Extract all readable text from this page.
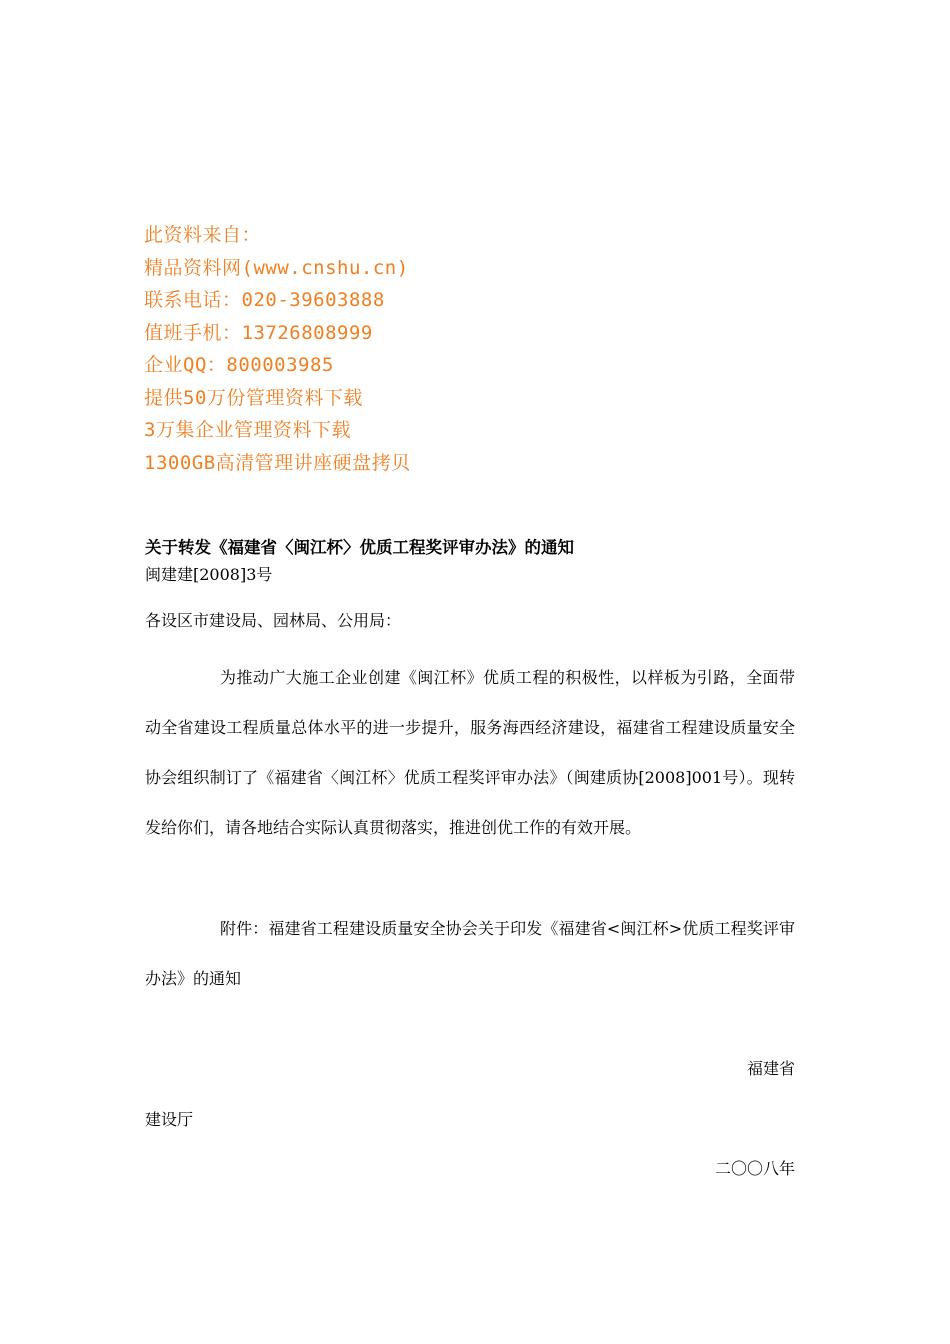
此资料来自：
精品资料网(www.cnshu.cn)
联系电话：020-39603888
值班手机：13726808999
企业QQ：800003985
提供50万份管理资料下载
3万集企业管理资料下载
1300GB高清管理讲座硬盘拷贝

关于转发《福建省〈闽江杯〉优质工程奖评审办法》的通知

闽建建[2008]3号

各设区市建设局、园林局、公用局：
为推动广大施工企业创建《闽江杯》优质工程的积极性，以样板为引路，全面带动全省建设工程质量总体水平的进一步提升，服务海西经济建设，福建省工程建设质量安全协会组织制订了《福建省〈闽江杯〉优质工程奖评审办法》（闽建质协[2008]001号）。现转发给你们，请各地结合实际认真贯彻落实，推进创优工作的有效开展。
附件：福建省工程建设质量安全协会关于印发《福建省<闽江杯>优质工程奖评审办法》的通知
福建省
建设厅
二〇〇八年
